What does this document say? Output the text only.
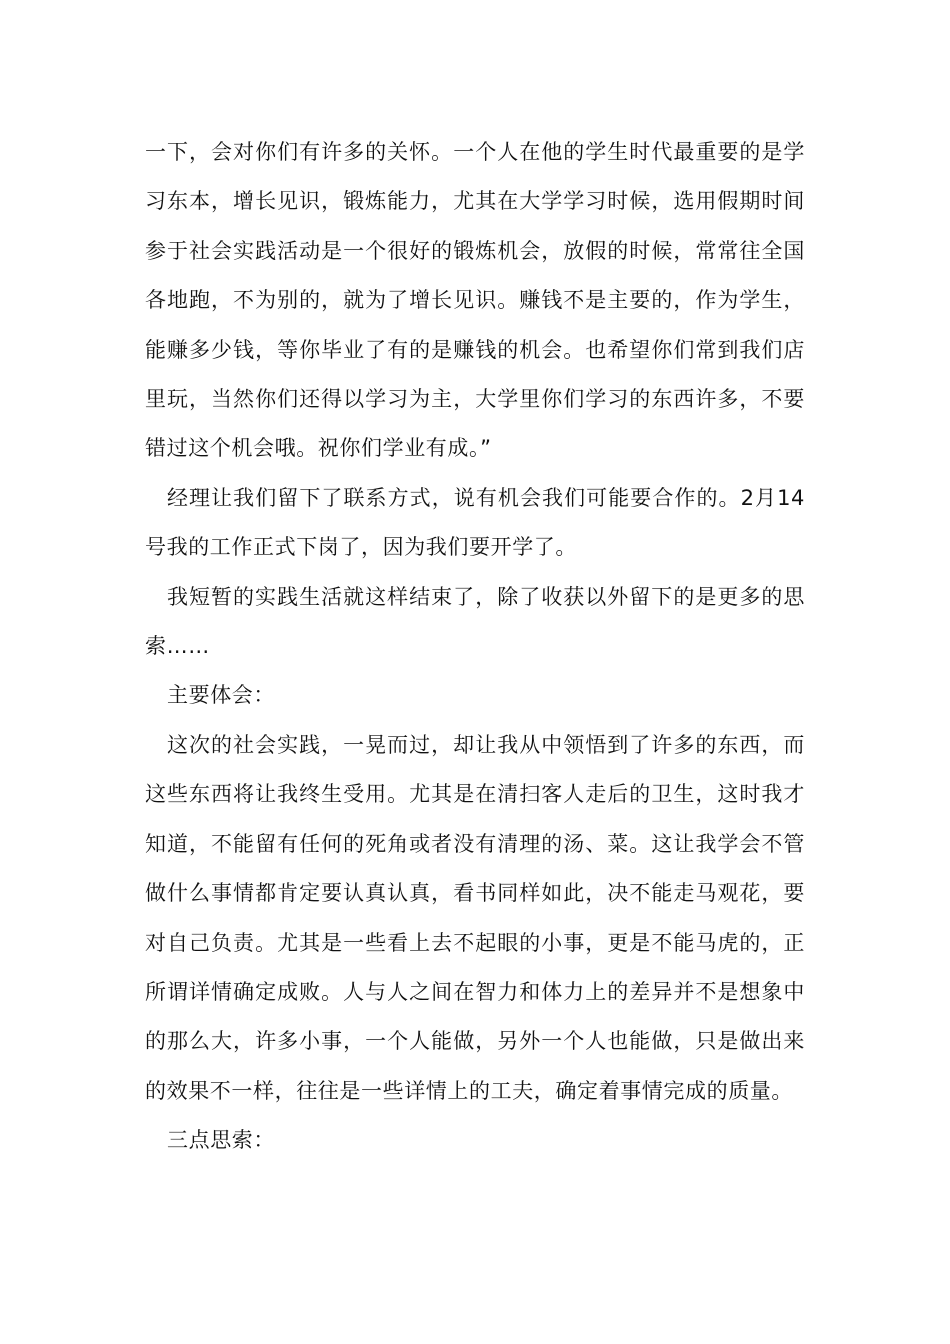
一下，会对你们有许多的关怀。一个人在他的学生时代最重要的是学习东本，增长见识，锻炼能力，尤其在大学学习时候，选用假期时间参于社会实践活动是一个很好的锻炼机会，放假的时候，常常往全国各地跑，不为别的，就为了增长见识。赚钱不是主要的，作为学生，能赚多少钱，等你毕业了有的是赚钱的机会。也希望你们常到我们店里玩，当然你们还得以学习为主，大学里你们学习的东西许多，不要错过这个机会哦。祝你们学业有成。”

经理让我们留下了联系方式，说有机会我们可能要合作的。2月14号我的工作正式下岗了，因为我们要开学了。

我短暂的实践生活就这样结束了，除了收获以外留下的是更多的思索……

主要体会：

这次的社会实践，一晃而过，却让我从中领悟到了许多的东西，而这些东西将让我终生受用。尤其是在清扫客人走后的卫生，这时我才知道，不能留有任何的死角或者没有清理的汤、菜。这让我学会不管做什么事情都肯定要认真认真，看书同样如此，决不能走马观花，要对自己负责。尤其是一些看上去不起眼的小事，更是不能马虎的，正所谓详情确定成败。人与人之间在智力和体力上的差异并不是想象中的那么大，许多小事，一个人能做，另外一个人也能做，只是做出来的效果不一样，往往是一些详情上的工夫，确定着事情完成的质量。

三点思索：
